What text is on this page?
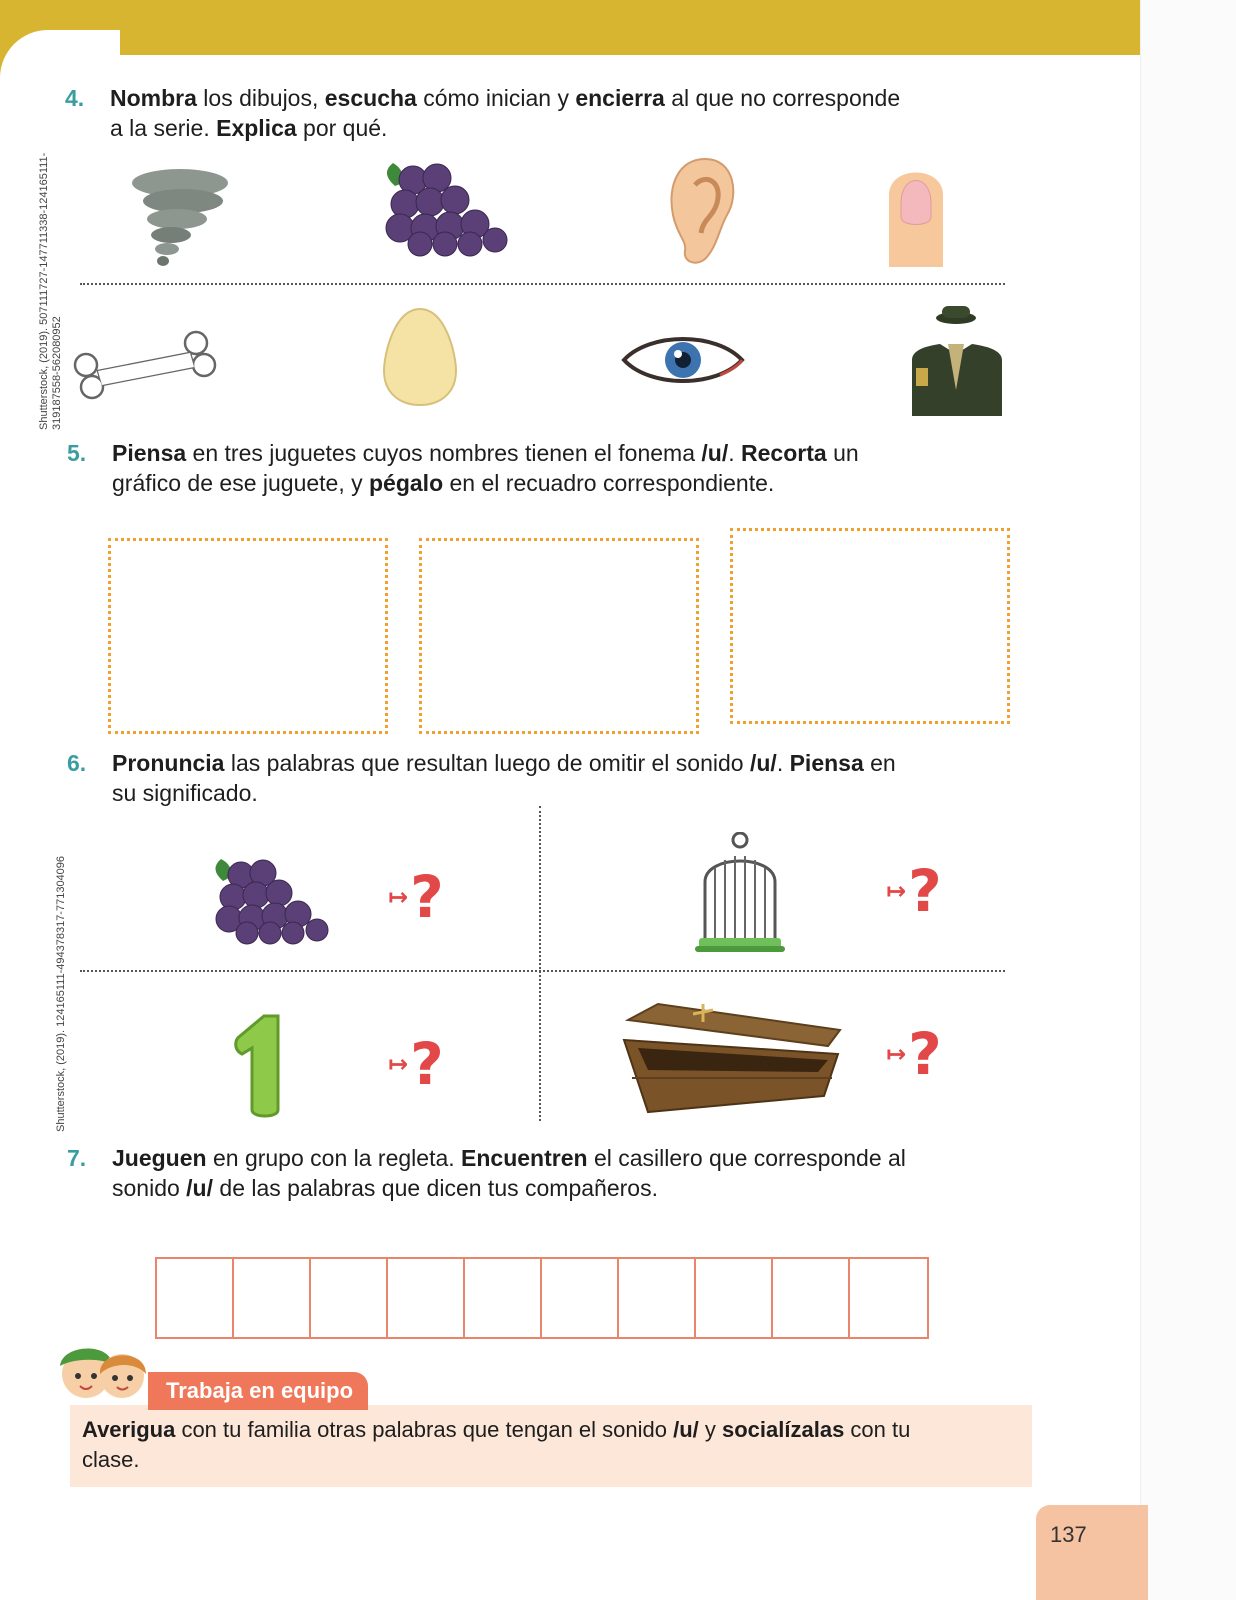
Shutterstock, (2019). 507111727-147711338-124165111- 319187558-562080952
Shutterstock, (2019). 124165111-494378317-771304096
4. Nombra los dibujos, escucha cómo inician y encierra al que no corresponde
a la serie. Explica por qué.
5. Piensa en tres juguetes cuyos nombres tienen el fonema /u/. Recorta un
gráfico de ese juguete, y pégalo en el recuadro correspondiente.
6. Pronuncia las palabras que resultan luego de omitir el sonido /u/. Piensa en
su significado.
↦ ?	↦ ?
↦ ?	↦ ?
7. Jueguen en grupo con la regleta. Encuentren el casillero que corresponde al
sonido /u/ de las palabras que dicen tus compañeros.
Trabaja en equipo
Averigua con tu familia otras palabras que tengan el sonido /u/ y socialízalas con tu
clase.
137
